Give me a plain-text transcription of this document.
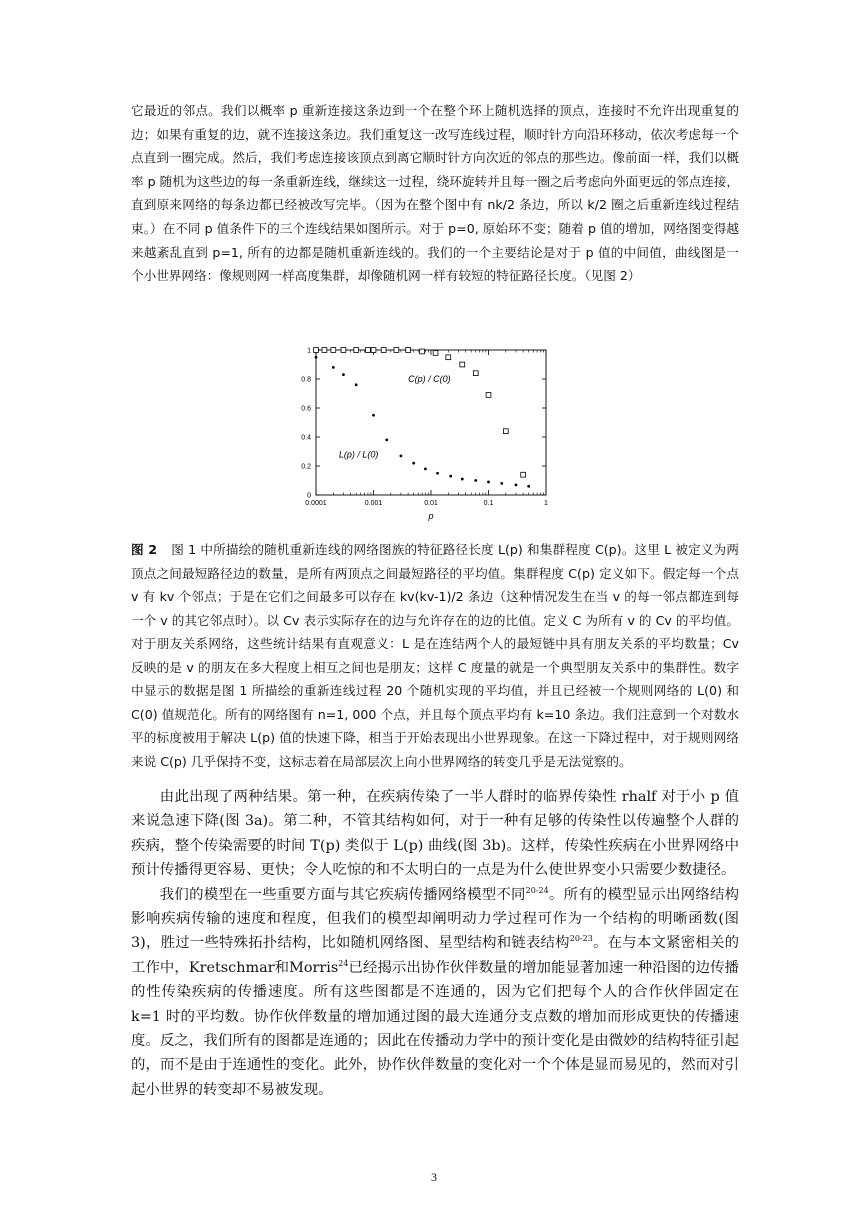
它最近的邻点。我们以概率 p 重新连接这条边到一个在整个环上随机选择的顶点，连接时不允许出现重复的边；如果有重复的边，就不连接这条边。我们重复这一改写连线过程，顺时针方向沿环移动，依次考虑每一个点直到一圈完成。然后，我们考虑连接该顶点到离它顺时针方向次近的邻点的那些边。像前面一样，我们以概率 p 随机为这些边的每一条重新连线，继续这一过程，绕环旋转并且每一圈之后考虑向外面更远的邻点连接，直到原来网络的每条边都已经被改写完毕。（因为在整个图中有 nk/2 条边，所以 k/2 圈之后重新连线过程结束。）在不同 p 值条件下的三个连线结果如图所示。对于 p=0, 原始环不变；随着 p 值的增加，网络图变得越来越紊乱直到 p=1, 所有的边都是随机重新连线的。我们的一个主要结论是对于 p 值的中间值，曲线图是一个小世界网络：像规则网一样高度集群，却像随机网一样有较短的特征路径长度。（见图 2）

0.0001	0.001	0.01	0.1	1
0
0.2
0.4
0.6
0.8
1
p
C(p) / C(0)
L(p) / L(0)

图 2 图 1 中所描绘的随机重新连线的网络图族的特征路径长度 L(p) 和集群程度 C(p)。这里 L 被定义为两顶点之间最短路径边的数量，是所有两顶点之间最短路径的平均值。集群程度 C(p) 定义如下。假定每一个点 v 有 kv 个邻点；于是在它们之间最多可以存在 kv(kv-1)/2 条边（这种情况发生在当 v 的每一邻点都连到每一个 v 的其它邻点时）。以 Cv 表示实际存在的边与允许存在的边的比值。定义 C 为所有 v 的 Cv 的平均值。对于朋友关系网络，这些统计结果有直观意义：L 是在连结两个人的最短链中具有朋友关系的平均数量；Cv 反映的是 v 的朋友在多大程度上相互之间也是朋友；这样 C 度量的就是一个典型朋友关系中的集群性。数字中显示的数据是图 1 所描绘的重新连线过程 20 个随机实现的平均值，并且已经被一个规则网络的 L(0) 和 C(0) 值规范化。所有的网络图有 n=1, 000 个点，并且每个顶点平均有 k=10 条边。我们注意到一个对数水平的标度被用于解决 L(p) 值的快速下降，相当于开始表现出小世界现象。在这一下降过程中，对于规则网络来说 C(p) 几乎保持不变，这标志着在局部层次上向小世界网络的转变几乎是无法觉察的。

由此出现了两种结果。第一种，在疾病传染了一半人群时的临界传染性 rhalf 对于小 p 值来说急速下降(图 3a)。第二种，不管其结构如何，对于一种有足够的传染性以传遍整个人群的疾病，整个传染需要的时间 T(p) 类似于 L(p) 曲线(图 3b)。这样，传染性疾病在小世界网络中预计传播得更容易、更快；令人吃惊的和不太明白的一点是为什么使世界变小只需要少数捷径。

我们的模型在一些重要方面与其它疾病传播网络模型不同$^{20-24}$。所有的模型显示出网络结构影响疾病传输的速度和程度，但我们的模型却阐明动力学过程可作为一个结构的明晰函数(图 3)，胜过一些特殊拓扑结构，比如随机网络图、星型结构和链表结构$^{20-23}$。在与本文紧密相关的工作中，Kretschmar和Morris$^{24}$已经揭示出协作伙伴数量的增加能显著加速一种沿图的边传播的性传染疾病的传播速度。所有这些图都是不连通的，因为它们把每个人的合作伙伴固定在 k=1 时的平均数。协作伙伴数量的增加通过图的最大连通分支点数的增加而形成更快的传播速度。反之，我们所有的图都是连通的；因此在传播动力学中的预计变化是由微妙的结构特征引起的，而不是由于连通性的变化。此外，协作伙伴数量的变化对一个个体是显而易见的，然而对引起小世界的转变却不易被发现。

3
